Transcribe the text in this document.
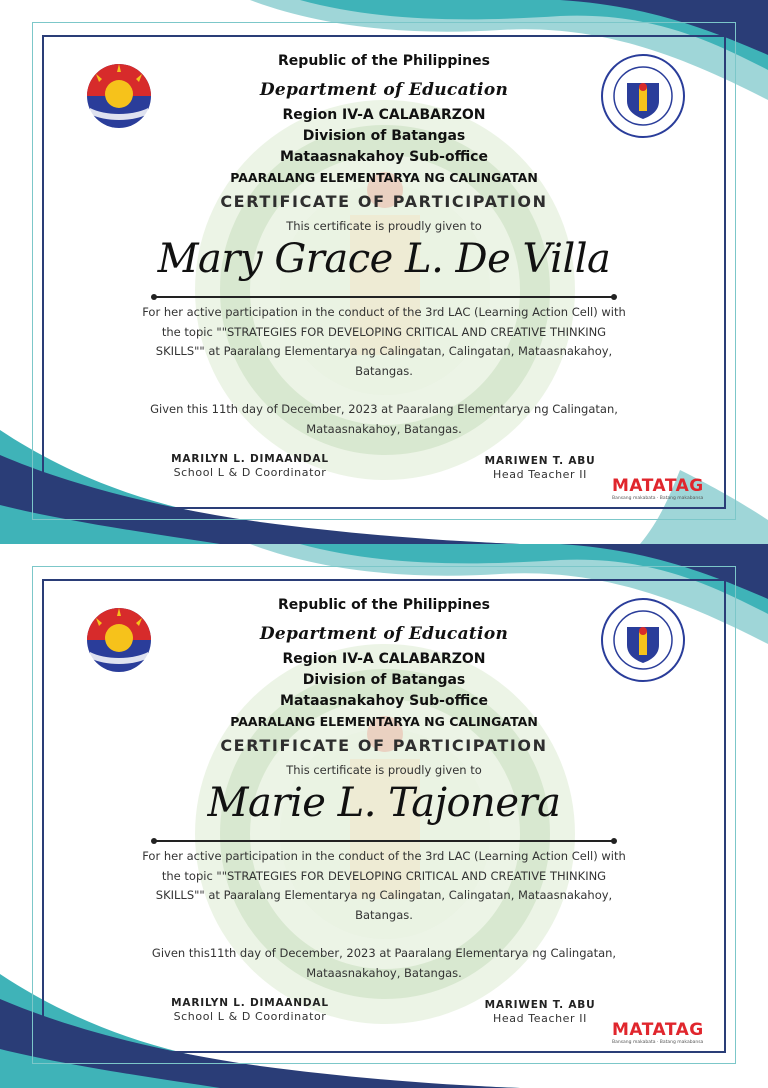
Republic of the Philippines
Department of Education
Region IV-A CALABARZON
Division of Batangas
Mataasnakahoy Sub-office
PAARALANG ELEMENTARYA NG CALINGATAN
CERTIFICATE OF PARTICIPATION
This certificate is proudly given to
Mary Grace L. De Villa
For her active participation in the conduct of the 3rd LAC (Learning Action Cell) with the topic ""STRATEGIES FOR DEVELOPING CRITICAL AND CREATIVE THINKING SKILLS"" at Paaralang Elementarya ng Calingatan, Calingatan, Mataasnakahoy, Batangas.
Given this 11th day of December, 2023 at Paaralang Elementarya ng Calingatan, Mataasnakahoy, Batangas.
MARILYN L. DIMAANDAL
School L & D Coordinator
MARIWEN T. ABU
Head Teacher II
MATATAG
Bansang makabata · Batang makabansa
Republic of the Philippines
Department of Education
Region IV-A CALABARZON
Division of Batangas
Mataasnakahoy Sub-office
PAARALANG ELEMENTARYA NG CALINGATAN
CERTIFICATE OF PARTICIPATION
This certificate is proudly given to
Marie L. Tajonera
For her active participation in the conduct of the 3rd LAC (Learning Action Cell) with the topic ""STRATEGIES FOR DEVELOPING CRITICAL AND CREATIVE THINKING SKILLS"" at Paaralang Elementarya ng Calingatan, Calingatan, Mataasnakahoy, Batangas.
Given this11th day of December, 2023 at Paaralang Elementarya ng Calingatan, Mataasnakahoy, Batangas.
MARILYN L. DIMAANDAL
School L & D Coordinator
MARIWEN T. ABU
Head Teacher II
MATATAG
Bansang makabata · Batang makabansa
